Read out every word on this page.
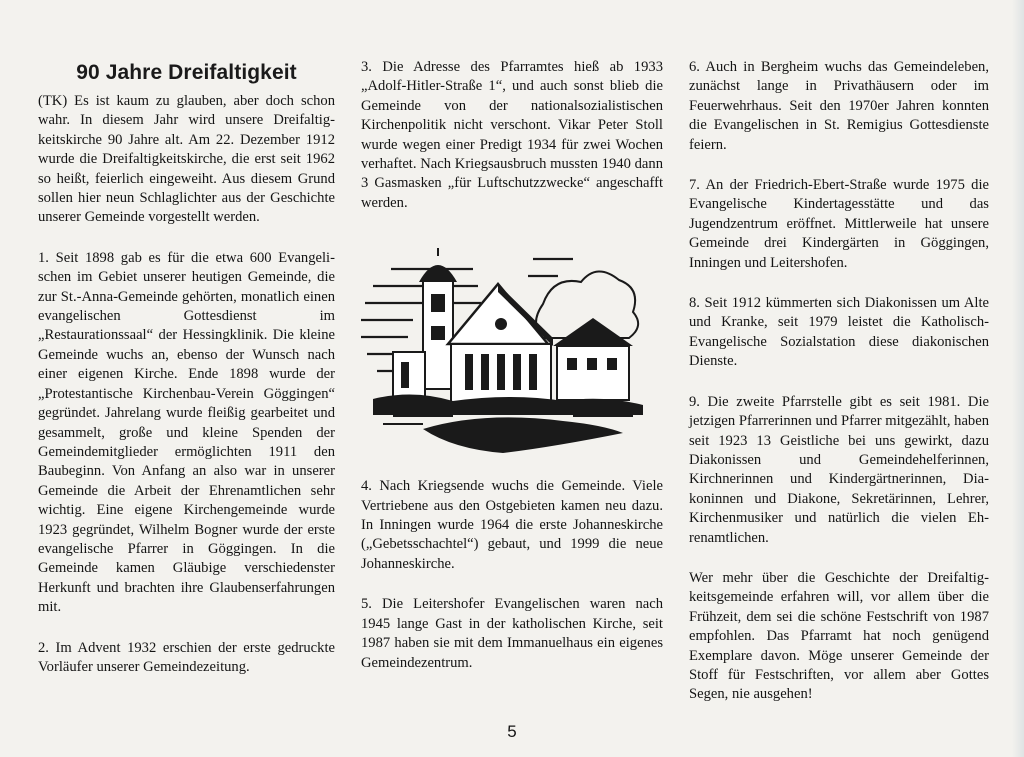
90 Jahre Dreifaltigkeit

(TK) Es ist kaum zu glauben, aber doch schon wahr. In diesem Jahr wird unsere Dreifaltigkeitskirche 90 Jahre alt. Am 22. Dezember 1912 wurde die Dreifaltigkeitskirche, die erst seit 1962 so heißt, feierlich eingeweiht. Aus diesem Grund sollen hier neun Schlaglichter aus der Geschichte unserer Gemeinde vorgestellt werden.

1. Seit 1898 gab es für die etwa 600 Evangelischen im Gebiet unserer heutigen Gemeinde, die zur St.-Anna-Gemeinde gehörten, monatlich einen evangelischen Gottesdienst im „Restaurationssaal“ der Hessingklinik. Die kleine Gemeinde wuchs an, ebenso der Wunsch nach einer eigenen Kirche. Ende 1898 wurde der „Protestantische Kirchenbau-Verein Göggingen“ gegründet. Jahrelang wurde fleißig gearbeitet und gesammelt, große und kleine Spenden der Gemeindemitglieder ermöglichten 1911 den Baubeginn. Von Anfang an also war in unserer Gemeinde die Arbeit der Ehrenamtlichen sehr wichtig. Eine eigene Kirchengemeinde wurde 1923 gegründet, Wilhelm Bogner wurde der erste evangelische Pfarrer in Göggingen. In die Gemeinde kamen Gläubige verschiedenster Herkunft und brachten ihre Glaubenserfahrungen mit.

2. Im Advent 1932 erschien der erste gedruckte Vorläufer unserer Gemeindezeitung.

3. Die Adresse des Pfarramtes hieß ab 1933 „Adolf-Hitler-Straße 1“, und auch sonst blieb die Gemeinde von der nationalsozialistischen Kirchenpolitik nicht verschont. Vikar Peter Stoll wurde wegen einer Predigt 1934 für zwei Wochen verhaftet. Nach Kriegsausbruch mussten 1940 dann 3 Gasmasken „für Luftschutzzwecke“ angeschafft werden.

4. Nach Kriegsende wuchs die Gemeinde. Viele Vertriebene aus den Ostgebieten kamen neu dazu. In Inningen wurde 1964 die erste Johanneskirche („Gebetsschachtel“) gebaut, und 1999 die neue Johanneskirche.

5. Die Leitershofer Evangelischen waren nach 1945 lange Gast in der katholischen Kirche, seit 1987 haben sie mit dem Immanuelhaus ein eigenes Gemeindezentrum.

6. Auch in Bergheim wuchs das Gemeindeleben, zunächst lange in Privathäusern oder im Feuerwehrhaus. Seit den 1970er Jahren konnten die Evangelischen in St. Remigius Gottesdienste feiern.

7. An der Friedrich-Ebert-Straße wurde 1975 die Evangelische Kindertagesstätte und das Jugendzentrum eröffnet. Mittlerweile hat unsere Gemeinde drei Kindergärten in Göggingen, Inningen und Leitershofen.

8. Seit 1912 kümmerten sich Diakonissen um Alte und Kranke, seit 1979 leistet die Katholisch-Evangelische Sozialstation diese diakonischen Dienste.

9. Die zweite Pfarrstelle gibt es seit 1981. Die jetzigen Pfarrerinnen und Pfarrer mitgezählt, haben seit 1923 13 Geistliche bei uns gewirkt, dazu Diakonissen und Gemeindehelferinnen, Kirchnerinnen und Kindergärtnerinnen, Diakoninnen und Diakone, Sekretärinnen, Lehrer, Kirchenmusiker und natürlich die vielen Ehrenamtlichen.

Wer mehr über die Geschichte der Dreifaltigkeitsgemeinde erfahren will, vor allem über die Frühzeit, dem sei die schöne Festschrift von 1987 empfohlen. Das Pfarramt hat noch genügend Exemplare davon. Möge unserer Gemeinde der Stoff für Festschriften, vor allem aber Gottes Segen, nie ausgehen!

5
